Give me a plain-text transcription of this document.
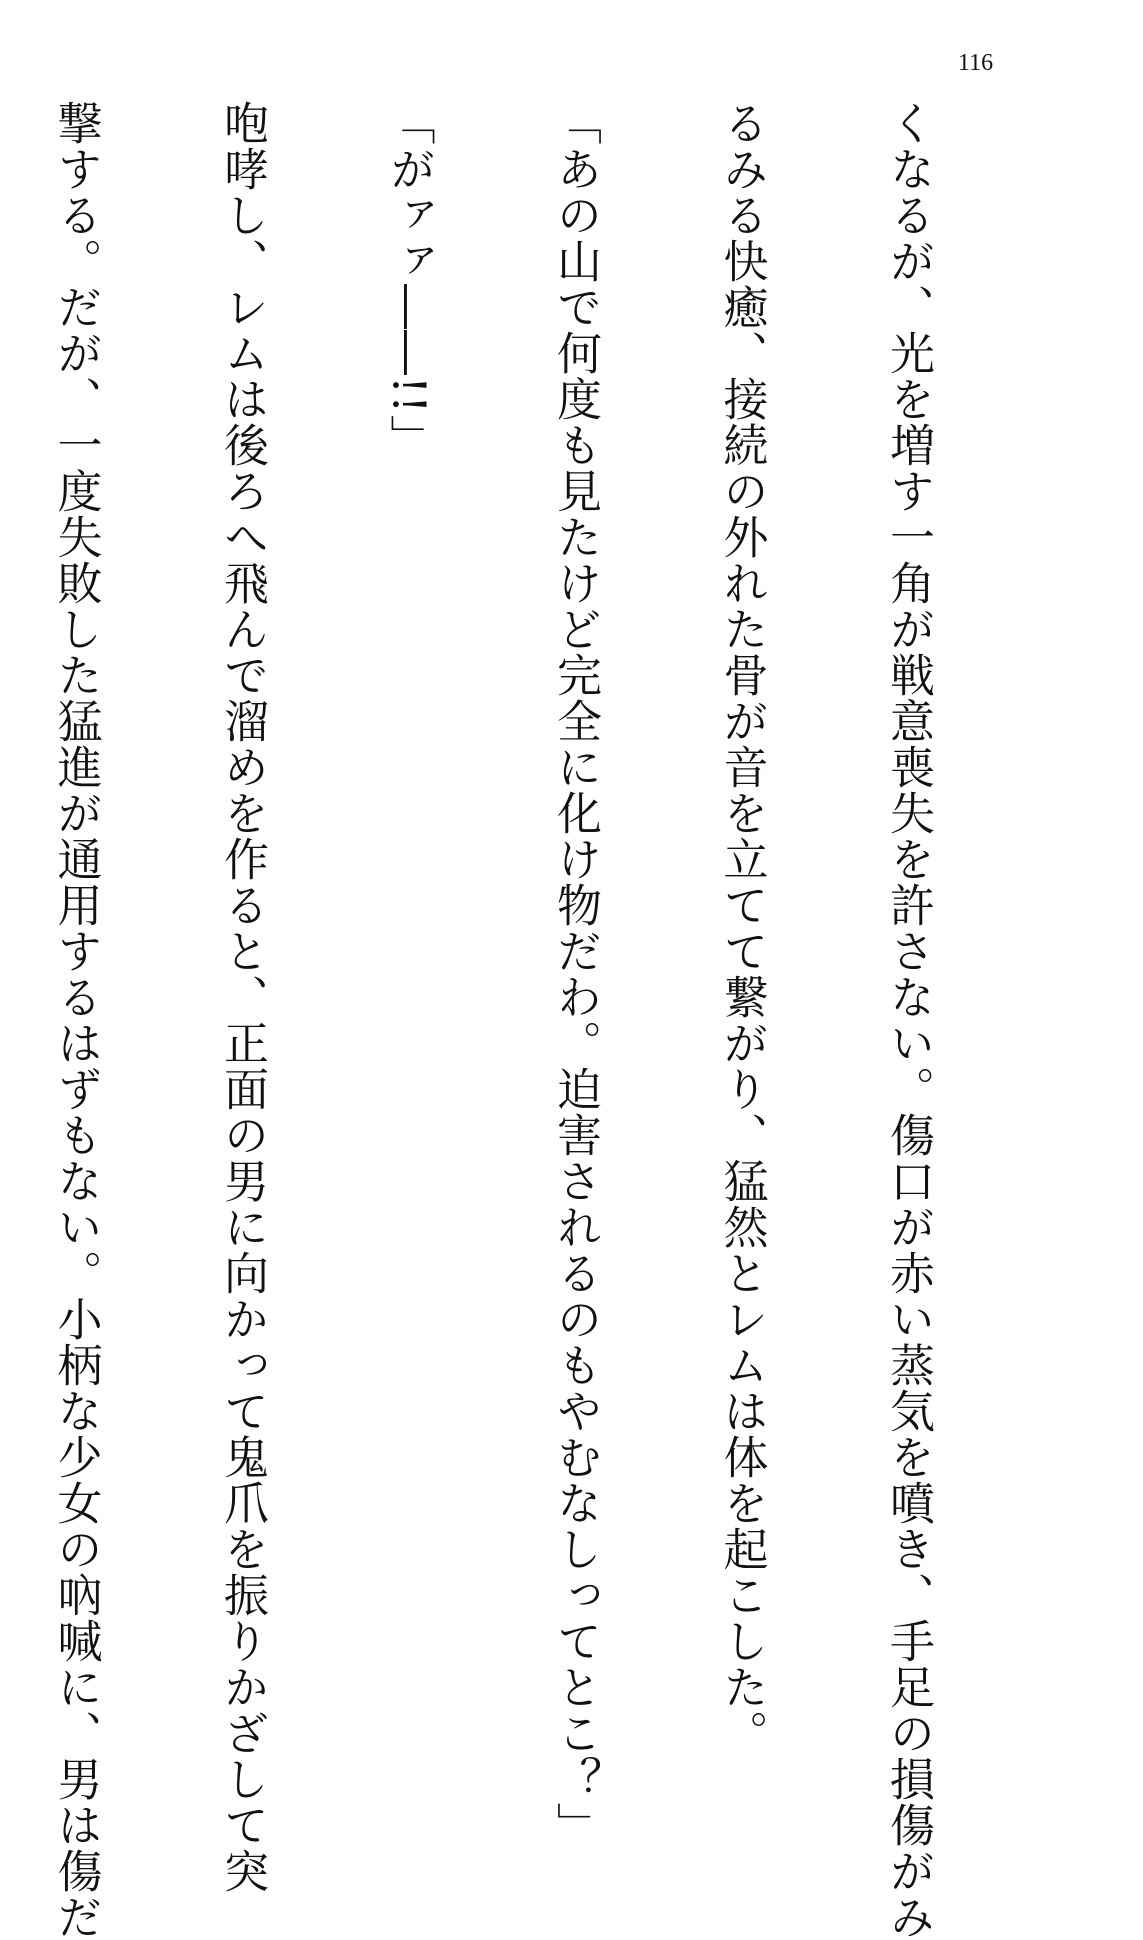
116

くなるが、光を増す一角が戦意喪失を許さない。傷口が赤い蒸気を噴き、手足の損傷がみ

るみる快癒、接続の外れた骨が音を立てて繋がり、猛然とレムは体を起こした。

「あの山で何度も見たけど完全に化け物だわ。迫害されるのもやむなしってとこ？」

「がァァ――!!」

咆哮し、レムは後ろへ飛んで溜めを作ると、正面の男に向かって鬼爪を振りかざして突

撃する。だが、一度失敗した猛進が通用するはずもない。小柄な少女の吶喊に、男は傷だ
